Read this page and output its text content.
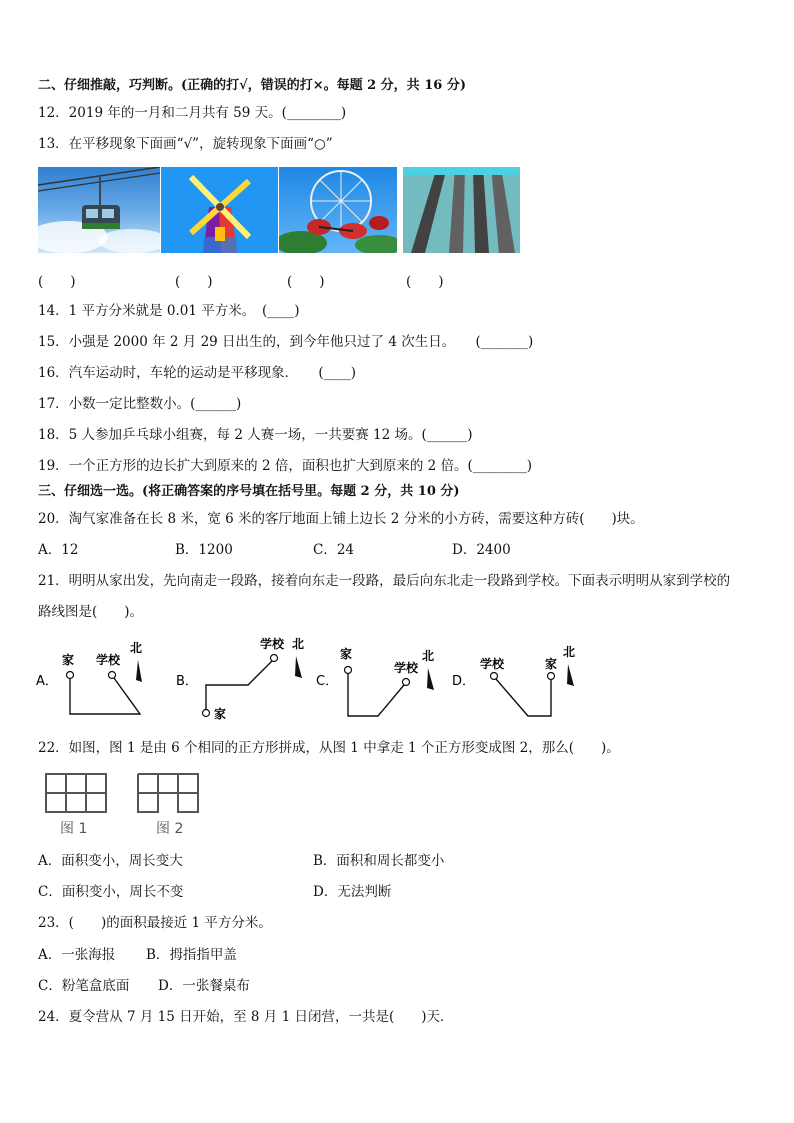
二、仔细推敲，巧判断。(正确的打√，错误的打×。每题 2 分，共 16 分)
12．2019 年的一月和二月共有 59 天。(________)
13．在平移现象下面画“√”，旋转现象下面画“○”
(　　)	(　　)	(　　)	(　　)
14．1 平方分米就是 0.01 平方米。　(____)
15．小强是 2000 年 2 月 29 日出生的，到今年他只过了 4 次生日。　　(_______)
16．汽车运动时，车轮的运动是平移现象．　　(____)
17．小数一定比整数小。(______)
18．5 人参加乒乓球小组赛，每 2 人赛一场，一共要赛 12 场。(______)
19．一个正方形的边长扩大到原来的 2 倍，面积也扩大到原来的 2 倍。(________)
三、仔细选一选。(将正确答案的序号填在括号里。每题 2 分，共 10 分)
20．淘气家准备在长 8 米，宽 6 米的客厅地面上铺上边长 2 分米的小方砖，需要这种方砖(　　)块。
A．12	B．1200	C．24	D．2400
21．明明从家出发，先向南走一段路，接着向东走一段路，最后向东北走一段路到学校。下面表示明明从家到学校的
路线图是(　　)。
A．
家 学校
北
B．
学校 北
家
C．
家
学校
北
D．
学校	家
北
22．如图，图 1 是由 6 个相同的正方形拼成，从图 1 中拿走 1 个正方形变成图 2，那么(　　)。
图 1	图 2
A．面积变小，周长变大	B．面积和周长都变小
C．面积变小，周长不变	D．无法判断
23．(　　)的面积最接近 1 平方分米。
A．一张海报 B．拇指指甲盖
C．粉笔盒底面 D．一张餐桌布
24．夏令营从 7 月 15 日开始，至 8 月 1 日闭营，一共是(　　)天．
